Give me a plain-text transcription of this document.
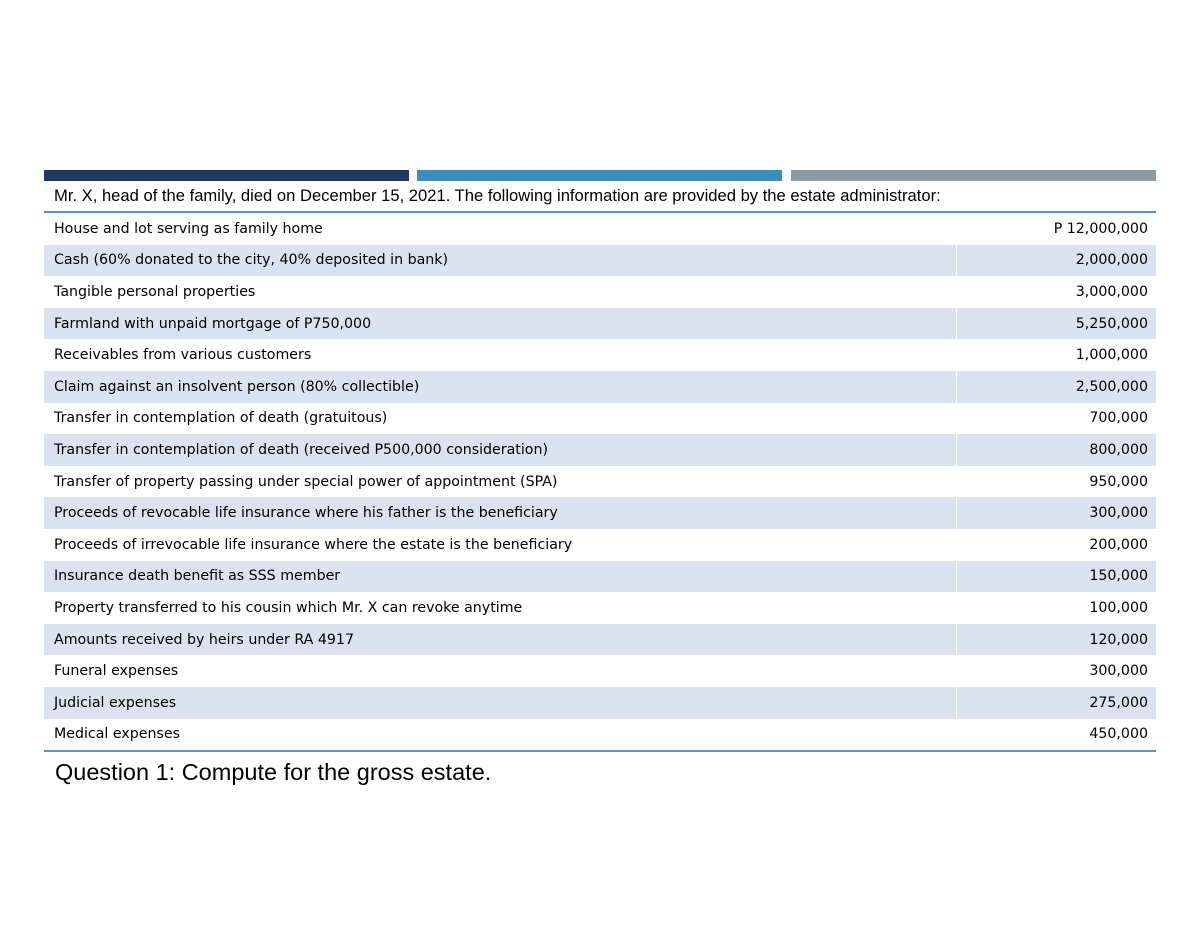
Mr. X, head of the family, died on December 15, 2021. The following information are provided by the estate administrator:
House and lot serving as family home	P 12,000,000
Cash (60% donated to the city, 40% deposited in bank)	2,000,000
Tangible personal properties	3,000,000
Farmland with unpaid mortgage of P750,000	5,250,000
Receivables from various customers	1,000,000
Claim against an insolvent person (80% collectible)	2,500,000
Transfer in contemplation of death (gratuitous)	700,000
Transfer in contemplation of death (received P500,000 consideration)	800,000
Transfer of property passing under special power of appointment (SPA)	950,000
Proceeds of revocable life insurance where his father is the beneficiary	300,000
Proceeds of irrevocable life insurance where the estate is the beneficiary	200,000
Insurance death benefit as SSS member	150,000
Property transferred to his cousin which Mr. X can revoke anytime	100,000
Amounts received by heirs under RA 4917	120,000
Funeral expenses	300,000
Judicial expenses	275,000
Medical expenses	450,000
Question 1: Compute for the gross estate.
